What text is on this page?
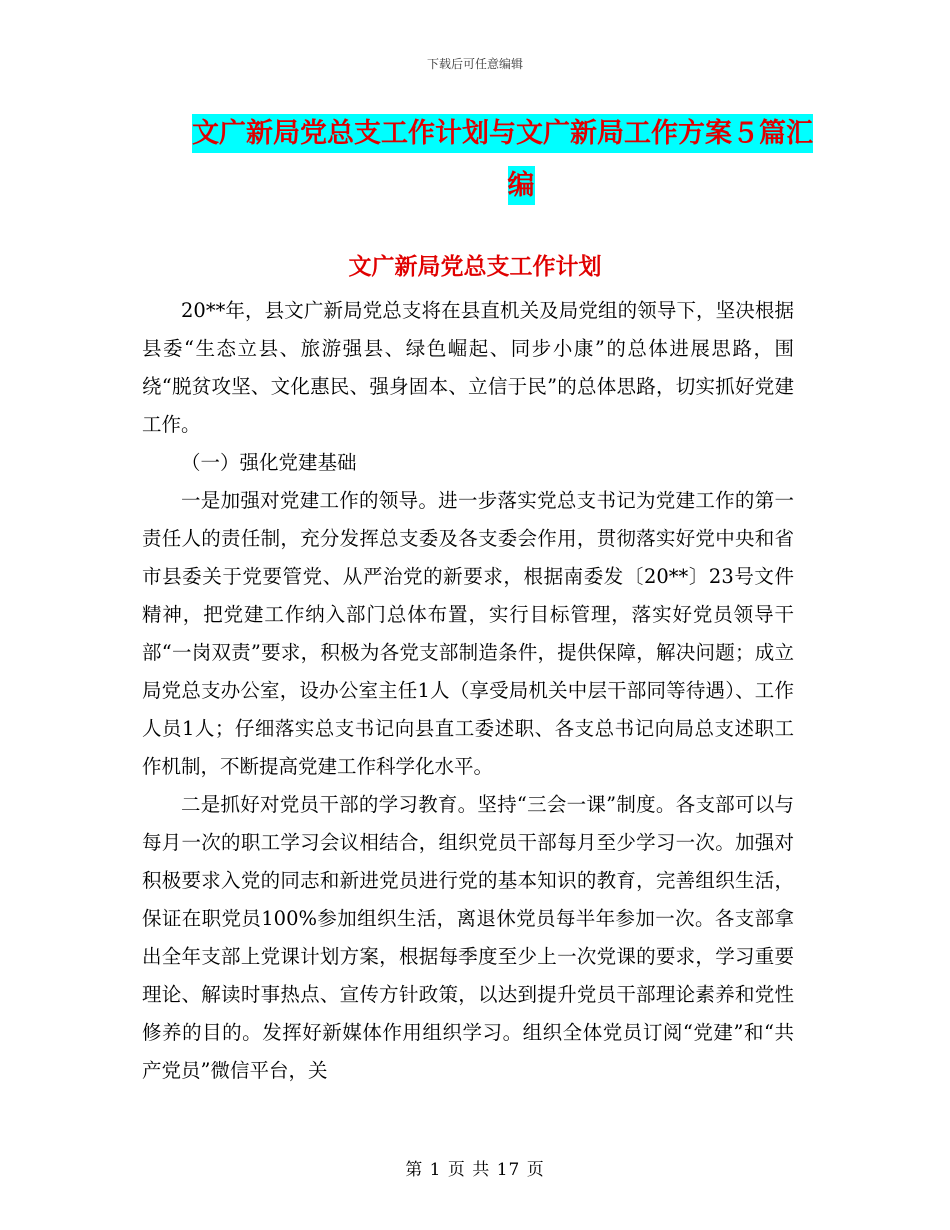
下载后可任意编辑
文广新局党总支工作计划与文广新局工作方案５篇汇
编
文广新局党总支工作计划

20**年，县文广新局党总支将在县直机关及局党组的领导下，坚决根据县委“生态立县、旅游强县、绿色崛起、同步小康”的总体进展思路，围绕“脱贫攻坚、文化惠民、强身固本、立信于民”的总体思路，切实抓好党建工作。

（一）强化党建基础

一是加强对党建工作的领导。进一步落实党总支书记为党建工作的第一责任人的责任制，充分发挥总支委及各支委会作用，贯彻落实好党中央和省市县委关于党要管党、从严治党的新要求，根据南委发〔20**〕23号文件精神，把党建工作纳入部门总体布置，实行目标管理，落实好党员领导干部“一岗双责”要求，积极为各党支部制造条件，提供保障，解决问题；成立局党总支办公室，设办公室主任1人（享受局机关中层干部同等待遇）、工作人员1人；仔细落实总支书记向县直工委述职、各支总书记向局总支述职工作机制，不断提高党建工作科学化水平。

二是抓好对党员干部的学习教育。坚持“三会一课”制度。各支部可以与每月一次的职工学习会议相结合，组织党员干部每月至少学习一次。加强对积极要求入党的同志和新进党员进行党的基本知识的教育，完善组织生活，保证在职党员100%参加组织生活，离退休党员每半年参加一次。各支部拿出全年支部上党课计划方案，根据每季度至少上一次党课的要求，学习重要理论、解读时事热点、宣传方针政策，以达到提升党员干部理论素养和党性修养的目的。发挥好新媒体作用组织学习。组织全体党员订阅“党建”和“共产党员”微信平台，关

第 1 页 共 17 页
